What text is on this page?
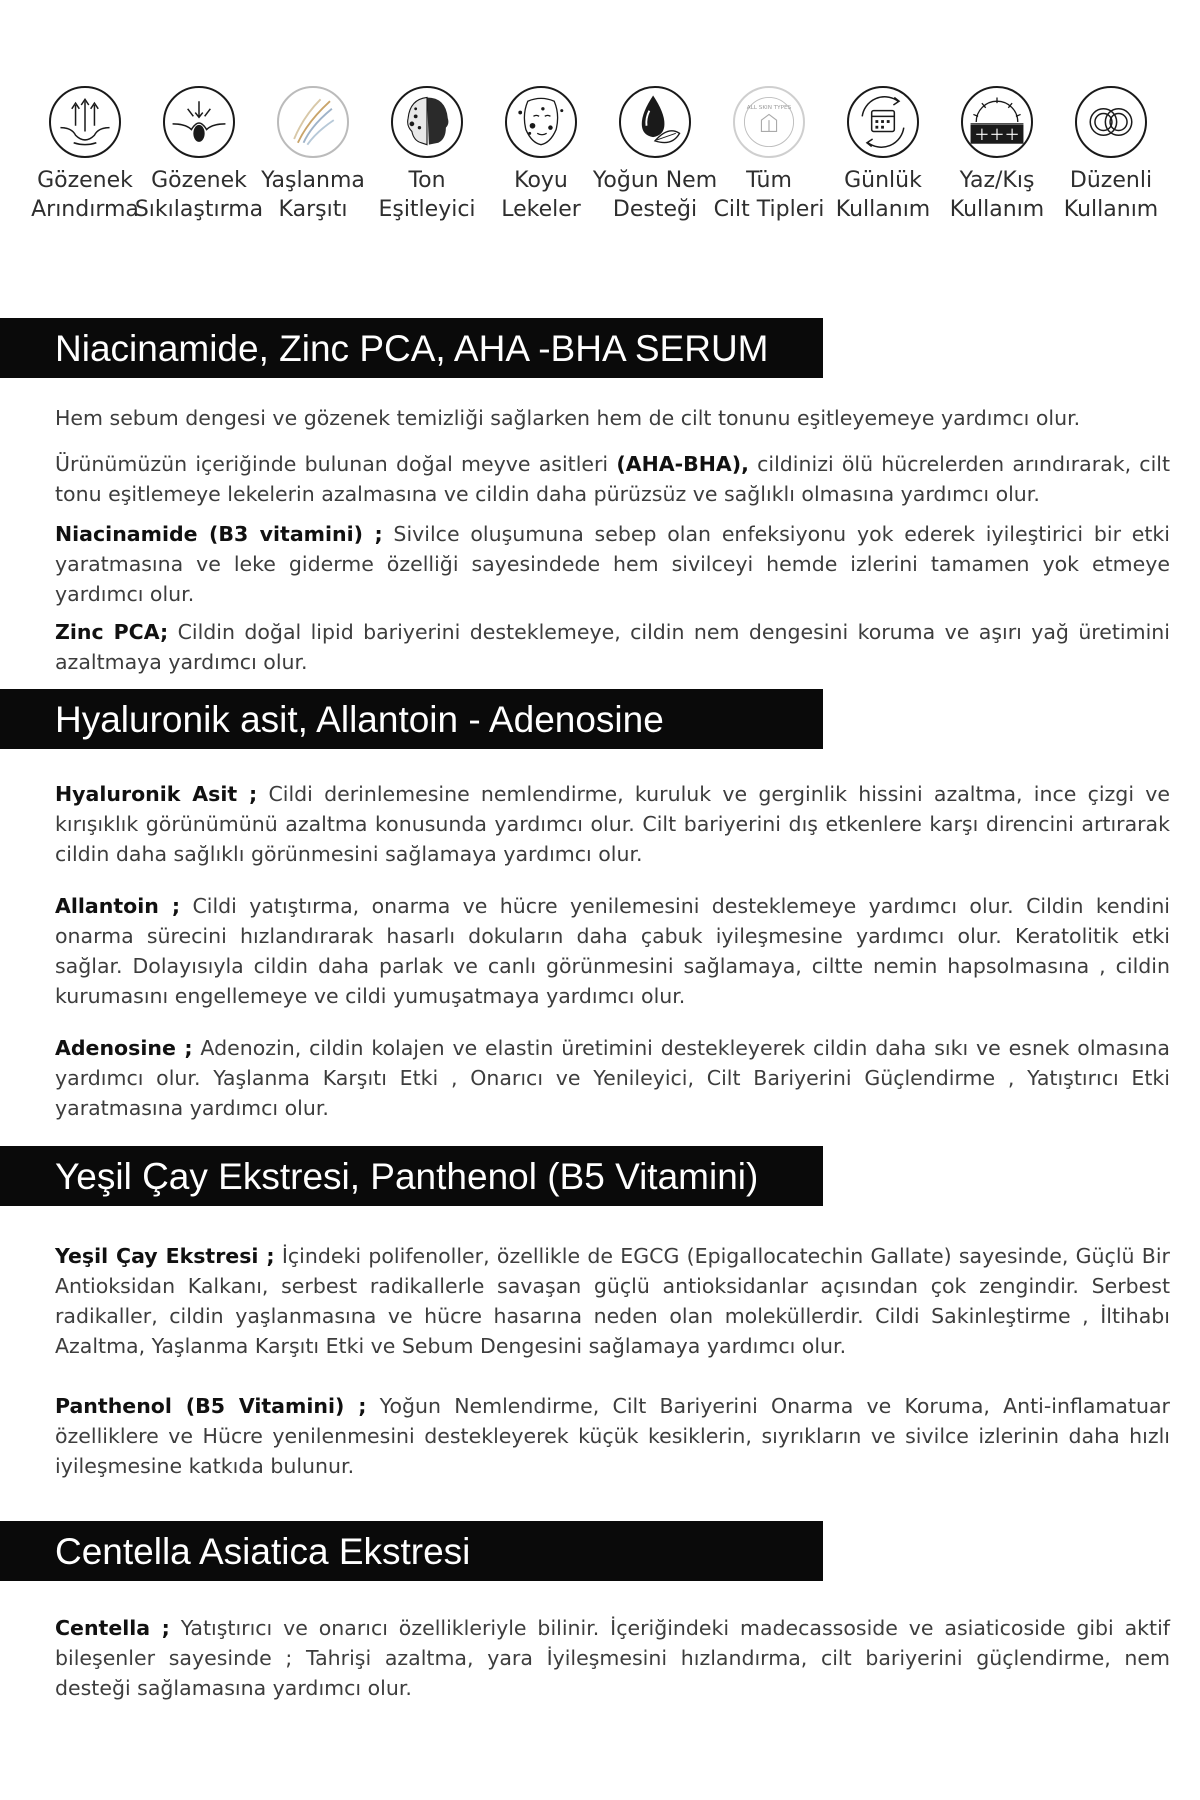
Gözenek
Arındırma
Gözenek
Sıkılaştırma
Yaşlanma
Karşıtı
Ton
Eşitleyici
Koyu
Lekeler
Yoğun Nem
Desteği
ALL SKIN TYPES
Tüm
Cilt Tipleri
Günlük
Kullanım
Yaz/Kış
Kullanım
Düzenli
Kullanım
Niacinamide, Zinc PCA, AHA -BHA SERUM

Hem sebum dengesi ve gözenek temizliği sağlarken hem de cilt tonunu eşitleyemeye yardımcı olur.

Ürünümüzün içeriğinde bulunan doğal meyve asitleri (AHA-BHA), cildinizi ölü hücrelerden arındırarak, cilt tonu eşitlemeye lekelerin azalmasına ve cildin daha pürüzsüz ve sağlıklı olmasına yardımcı olur.

Niacinamide (B3 vitamini) ; Sivilce oluşumuna sebep olan enfeksiyonu yok ederek iyileştirici bir etki yaratmasına ve leke giderme özelliği sayesindede hem sivilceyi hemde izlerini tamamen yok etmeye yardımcı olur.

Zinc PCA; Cildin doğal lipid bariyerini desteklemeye, cildin nem dengesini koruma ve aşırı yağ üretimini azaltmaya yardımcı olur.

Hyaluronik asit, Allantoin - Adenosine

Hyaluronik Asit ; Cildi derinlemesine nemlendirme, kuruluk ve gerginlik hissini azaltma, ince çizgi ve kırışıklık görünümünü azaltma konusunda yardımcı olur. Cilt bariyerini dış etkenlere karşı direncini artırarak cildin daha sağlıklı görünmesini sağlamaya yardımcı olur.

Allantoin ; Cildi yatıştırma, onarma ve hücre yenilemesini desteklemeye yardımcı olur. Cildin kendini onarma sürecini hızlandırarak hasarlı dokuların daha çabuk iyileşmesine yardımcı olur. Keratolitik etki sağlar. Dolayısıyla cildin daha parlak ve canlı görünmesini sağlamaya, ciltte nemin hapsolmasına , cildin kurumasını engellemeye ve cildi yumuşatmaya yardımcı olur.

Adenosine ; Adenozin, cildin kolajen ve elastin üretimini destekleyerek cildin daha sıkı ve esnek olmasına yardımcı olur. Yaşlanma Karşıtı Etki , Onarıcı ve Yenileyici, Cilt Bariyerini Güçlendirme , Yatıştırıcı Etki yaratmasına yardımcı olur.

Yeşil Çay Ekstresi, Panthenol (B5 Vitamini)

Yeşil Çay Ekstresi ; İçindeki polifenoller, özellikle de EGCG (Epigallocatechin Gallate) sayesinde, Güçlü Bir Antioksidan Kalkanı, serbest radikallerle savaşan güçlü antioksidanlar açısından çok zengindir. Serbest radikaller, cildin yaşlanmasına ve hücre hasarına neden olan moleküllerdir. Cildi Sakinleştirme , İltihabı Azaltma, Yaşlanma Karşıtı Etki ve Sebum Dengesini sağlamaya yardımcı olur.

Panthenol (B5 Vitamini) ; Yoğun Nemlendirme, Cilt Bariyerini Onarma ve Koruma, Anti-inflamatuar özelliklere ve Hücre yenilenmesini destekleyerek küçük kesiklerin, sıyrıkların ve sivilce izlerinin daha hızlı iyileşmesine katkıda bulunur.

Centella Asiatica Ekstresi

Centella ; Yatıştırıcı ve onarıcı özellikleriyle bilinir. İçeriğindeki madecassoside ve asiaticoside gibi aktif bileşenler sayesinde ; Tahrişi azaltma, yara İyileşmesini hızlandırma, cilt bariyerini güçlendirme, nem desteği sağlamasına yardımcı olur.
